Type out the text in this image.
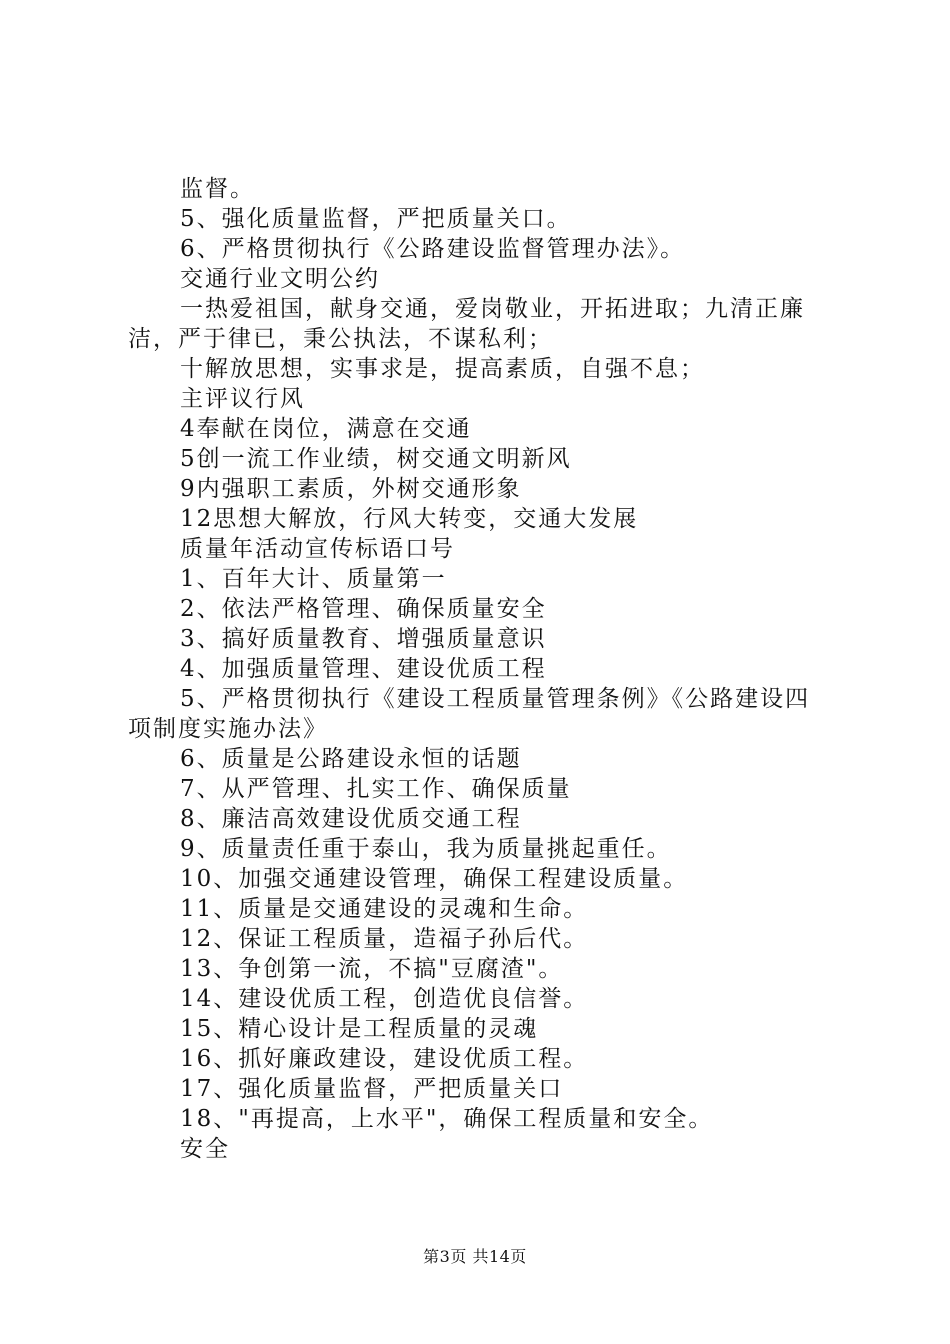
监督。
5、强化质量监督，严把质量关口。
6、严格贯彻执行《公路建设监督管理办法》。
交通行业文明公约
一热爱祖国，献身交通，爱岗敬业，开拓进取；九清正廉
洁，严于律已，秉公执法，不谋私利；
十解放思想，实事求是，提高素质，自强不息；
主评议行风
4奉献在岗位，满意在交通
5创一流工作业绩，树交通文明新风
9内强职工素质，外树交通形象
12思想大解放，行风大转变，交通大发展
质量年活动宣传标语口号
1、百年大计、质量第一
2、依法严格管理、确保质量安全
3、搞好质量教育、增强质量意识
4、加强质量管理、建设优质工程
5、严格贯彻执行《建设工程质量管理条例》《公路建设四
项制度实施办法》
6、质量是公路建设永恒的话题
7、从严管理、扎实工作、确保质量
8、廉洁高效建设优质交通工程
9、质量责任重于泰山，我为质量挑起重任。
10、加强交通建设管理，确保工程建设质量。
11、质量是交通建设的灵魂和生命。
12、保证工程质量，造福子孙后代。
13、争创第一流，不搞"豆腐渣"。
14、建设优质工程，创造优良信誉。
15、精心设计是工程质量的灵魂
16、抓好廉政建设，建设优质工程。
17、强化质量监督，严把质量关口
18、"再提高，上水平"，确保工程质量和安全。
安全
第3页 共14页
